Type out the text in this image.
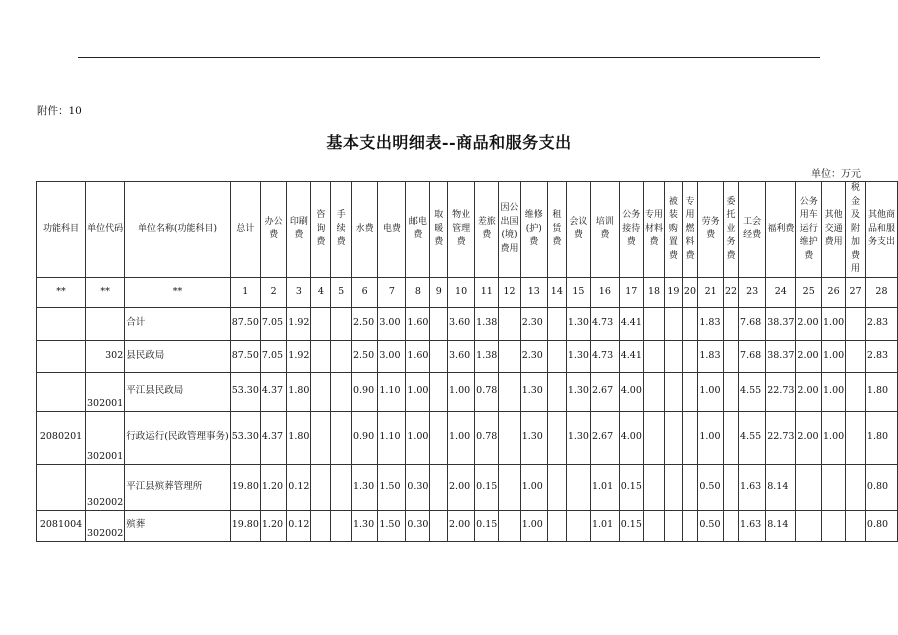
附件：10
基本支出明细表--商品和服务支出
单位：万元
功能科目	单位代码	单位名称(功能科目)	总计	办公费	印刷费	咨询费	手续费	水费	电费	邮电费	取暖费	物业管理费	差旅费	因公出国(境)费用	维修(护)费	租赁费	会议费	培训费	公务接待费	专用材料费	被装购置费	专用燃料费	劳务费	委托业务费	工会经费	福利费	公务用车运行维护费	其他交通费用	税金及附加费用	其他商品和服务支出
**	**	**	1	2	3	4	5	6	7	8	9	10	11	12	13	14	15	16	17	18	19	20	21	22	23	24	25	26	27	28
		合计	87.50	7.05	1.92			2.50	3.00	1.60		3.60	1.38		2.30		1.30	4.73	4.41				1.83		7.68	38.37	2.00	1.00		2.83
	302	县民政局	87.50	7.05	1.92			2.50	3.00	1.60		3.60	1.38		2.30		1.30	4.73	4.41				1.83		7.68	38.37	2.00	1.00		2.83
	302001	平江县民政局	53.30	4.37	1.80			0.90	1.10	1.00		1.00	0.78		1.30		1.30	2.67	4.00				1.00		4.55	22.73	2.00	1.00		1.80
2080201	302001	行政运行(民政管理事务)	53.30	4.37	1.80			0.90	1.10	1.00		1.00	0.78		1.30		1.30	2.67	4.00				1.00		4.55	22.73	2.00	1.00		1.80
	302002	平江县殡葬管理所	19.80	1.20	0.12			1.30	1.50	0.30		2.00	0.15		1.00			1.01	0.15				0.50		1.63	8.14				0.80
2081004	302002	殡葬	19.80	1.20	0.12			1.30	1.50	0.30		2.00	0.15		1.00			1.01	0.15				0.50		1.63	8.14				0.80
